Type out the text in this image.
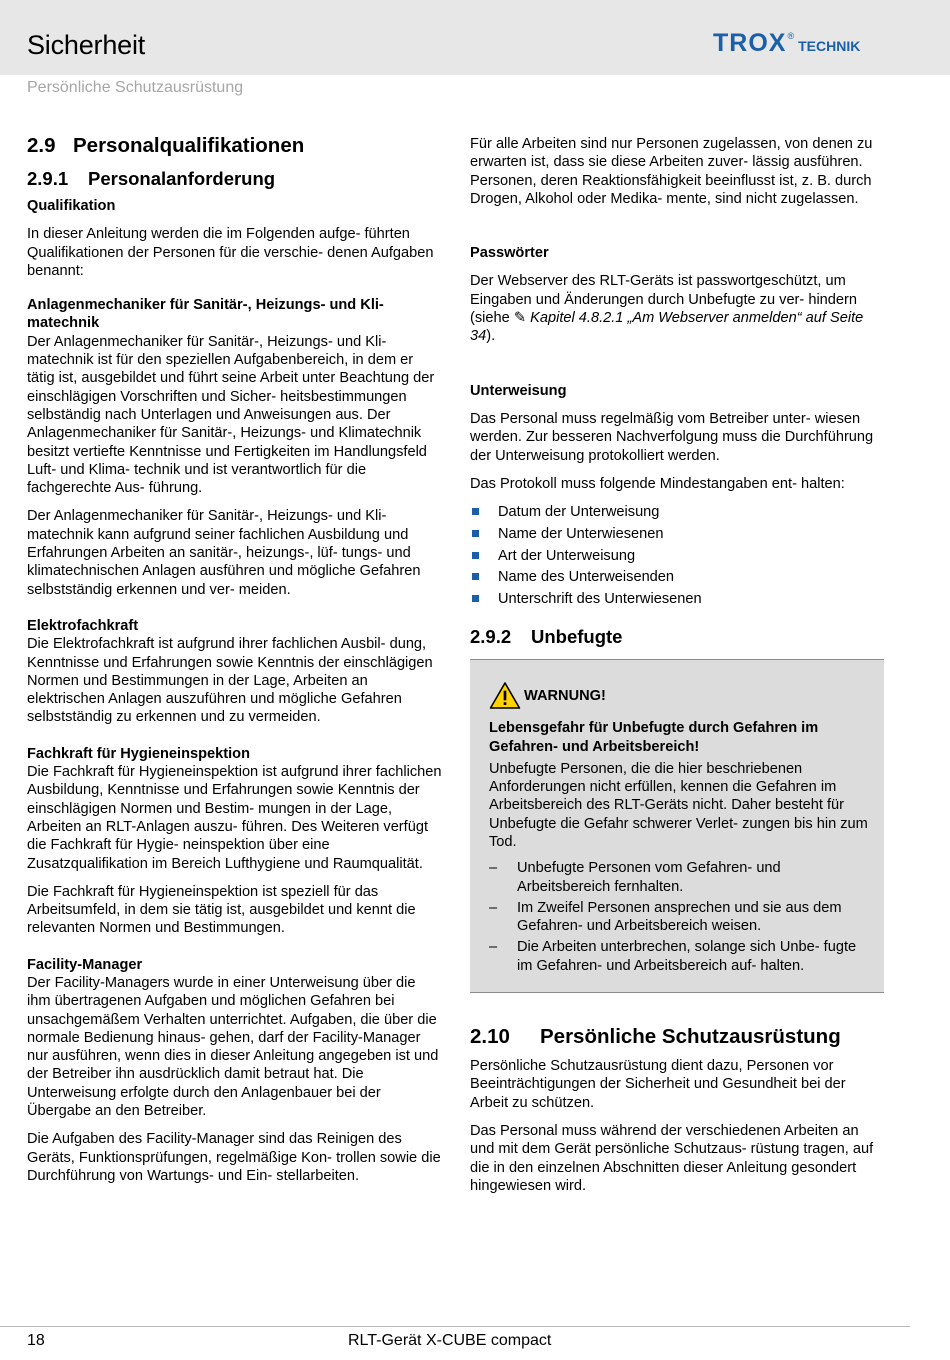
Sicherheit	TROX ®
TECHNIK
Persönliche Schutzausrüstung
2.9 Personalqualifikationen
2.9.1 Personalanforderung
Qualifikation

In dieser Anleitung werden die im Folgenden aufge- führten Qualifikationen der Personen für die verschie- denen Aufgaben benannt:

Anlagenmechaniker für Sanitär-, Heizungs- und Kli- matechnik

Der Anlagenmechaniker für Sanitär-, Heizungs- und Kli- matechnik ist für den speziellen Aufgabenbereich, in dem er tätig ist, ausgebildet und führt seine Arbeit unter Beachtung der einschlägigen Vorschriften und Sicher- heitsbestimmungen selbständig nach Unterlagen und Anweisungen aus. Der Anlagenmechaniker für Sanitär-, Heizungs- und Klimatechnik besitzt vertiefte Kenntnisse und Fertigkeiten im Handlungsfeld Luft- und Klima- technik und ist verantwortlich für die fachgerechte Aus- führung.

Der Anlagenmechaniker für Sanitär-, Heizungs- und Kli- matechnik kann aufgrund seiner fachlichen Ausbildung und Erfahrungen Arbeiten an sanitär-, heizungs-, lüf- tungs- und klimatechnischen Anlagen ausführen und mögliche Gefahren selbstständig erkennen und ver- meiden.

Elektrofachkraft

Die Elektrofachkraft ist aufgrund ihrer fachlichen Ausbil- dung, Kenntnisse und Erfahrungen sowie Kenntnis der einschlägigen Normen und Bestimmungen in der Lage, Arbeiten an elektrischen Anlagen auszuführen und mögliche Gefahren selbstständig zu erkennen und zu vermeiden.

Fachkraft für Hygieneinspektion

Die Fachkraft für Hygieneinspektion ist aufgrund ihrer fachlichen Ausbildung, Kenntnisse und Erfahrungen sowie Kenntnis der einschlägigen Normen und Bestim- mungen in der Lage, Arbeiten an RLT-Anlagen auszu- führen. Des Weiteren verfügt die Fachkraft für Hygie- neinspektion über eine Zusatzqualifikation im Bereich Lufthygiene und Raumqualität.

Die Fachkraft für Hygieneinspektion ist speziell für das Arbeitsumfeld, in dem sie tätig ist, ausgebildet und kennt die relevanten Normen und Bestimmungen.

Facility-Manager

Der Facility-Managers wurde in einer Unterweisung über die ihm übertragenen Aufgaben und möglichen Gefahren bei unsachgemäßem Verhalten unterrichtet. Aufgaben, die über die normale Bedienung hinaus- gehen, darf der Facility-Manager nur ausführen, wenn dies in dieser Anleitung angegeben ist und der Betreiber ihn ausdrücklich damit betraut hat. Die Unterweisung erfolgte durch den Anlagenbauer bei der Übergabe an den Betreiber.

Die Aufgaben des Facility-Manager sind das Reinigen des Geräts, Funktionsprüfungen, regelmäßige Kon- trollen sowie die Durchführung von Wartungs- und Ein- stellarbeiten.

Für alle Arbeiten sind nur Personen zugelassen, von denen zu erwarten ist, dass sie diese Arbeiten zuver- lässig ausführen. Personen, deren Reaktionsfähigkeit beeinflusst ist, z. B. durch Drogen, Alkohol oder Medika- mente, sind nicht zugelassen.

Passwörter

Der Webserver des RLT-Geräts ist passwortgeschützt, um Eingaben und Änderungen durch Unbefugte zu ver- hindern (siehe ✎ Kapitel 4.8.2.1 „Am Webserver anmelden“ auf Seite 34).

Unterweisung

Das Personal muss regelmäßig vom Betreiber unter- wiesen werden. Zur besseren Nachverfolgung muss die Durchführung der Unterweisung protokolliert werden.

Das Protokoll muss folgende Mindestangaben ent- halten:

Datum der Unterweisung
Name der Unterwiesenen
Art der Unterweisung
Name des Unterweisenden
Unterschrift des Unterwiesenen
2.9.2 Unbefugte
WARNUNG!
Lebensgefahr für Unbefugte durch Gefahren im Gefahren- und Arbeitsbereich!

Unbefugte Personen, die die hier beschriebenen Anforderungen nicht erfüllen, kennen die Gefahren im Arbeitsbereich des RLT-Geräts nicht. Daher besteht für Unbefugte die Gefahr schwerer Verlet- zungen bis hin zum Tod.

– Unbefugte Personen vom Gefahren- und Arbeitsbereich fernhalten.
– Im Zweifel Personen ansprechen und sie aus dem Gefahren- und Arbeitsbereich weisen.
– Die Arbeiten unterbrechen, solange sich Unbe- fugte im Gefahren- und Arbeitsbereich auf- halten.
2.10 Persönliche Schutzausrüstung

Persönliche Schutzausrüstung dient dazu, Personen vor Beeinträchtigungen der Sicherheit und Gesundheit bei der Arbeit zu schützen.

Das Personal muss während der verschiedenen Arbeiten an und mit dem Gerät persönliche Schutzaus- rüstung tragen, auf die in den einzelnen Abschnitten dieser Anleitung gesondert hingewiesen wird.

18	RLT-Gerät X-CUBE compact
